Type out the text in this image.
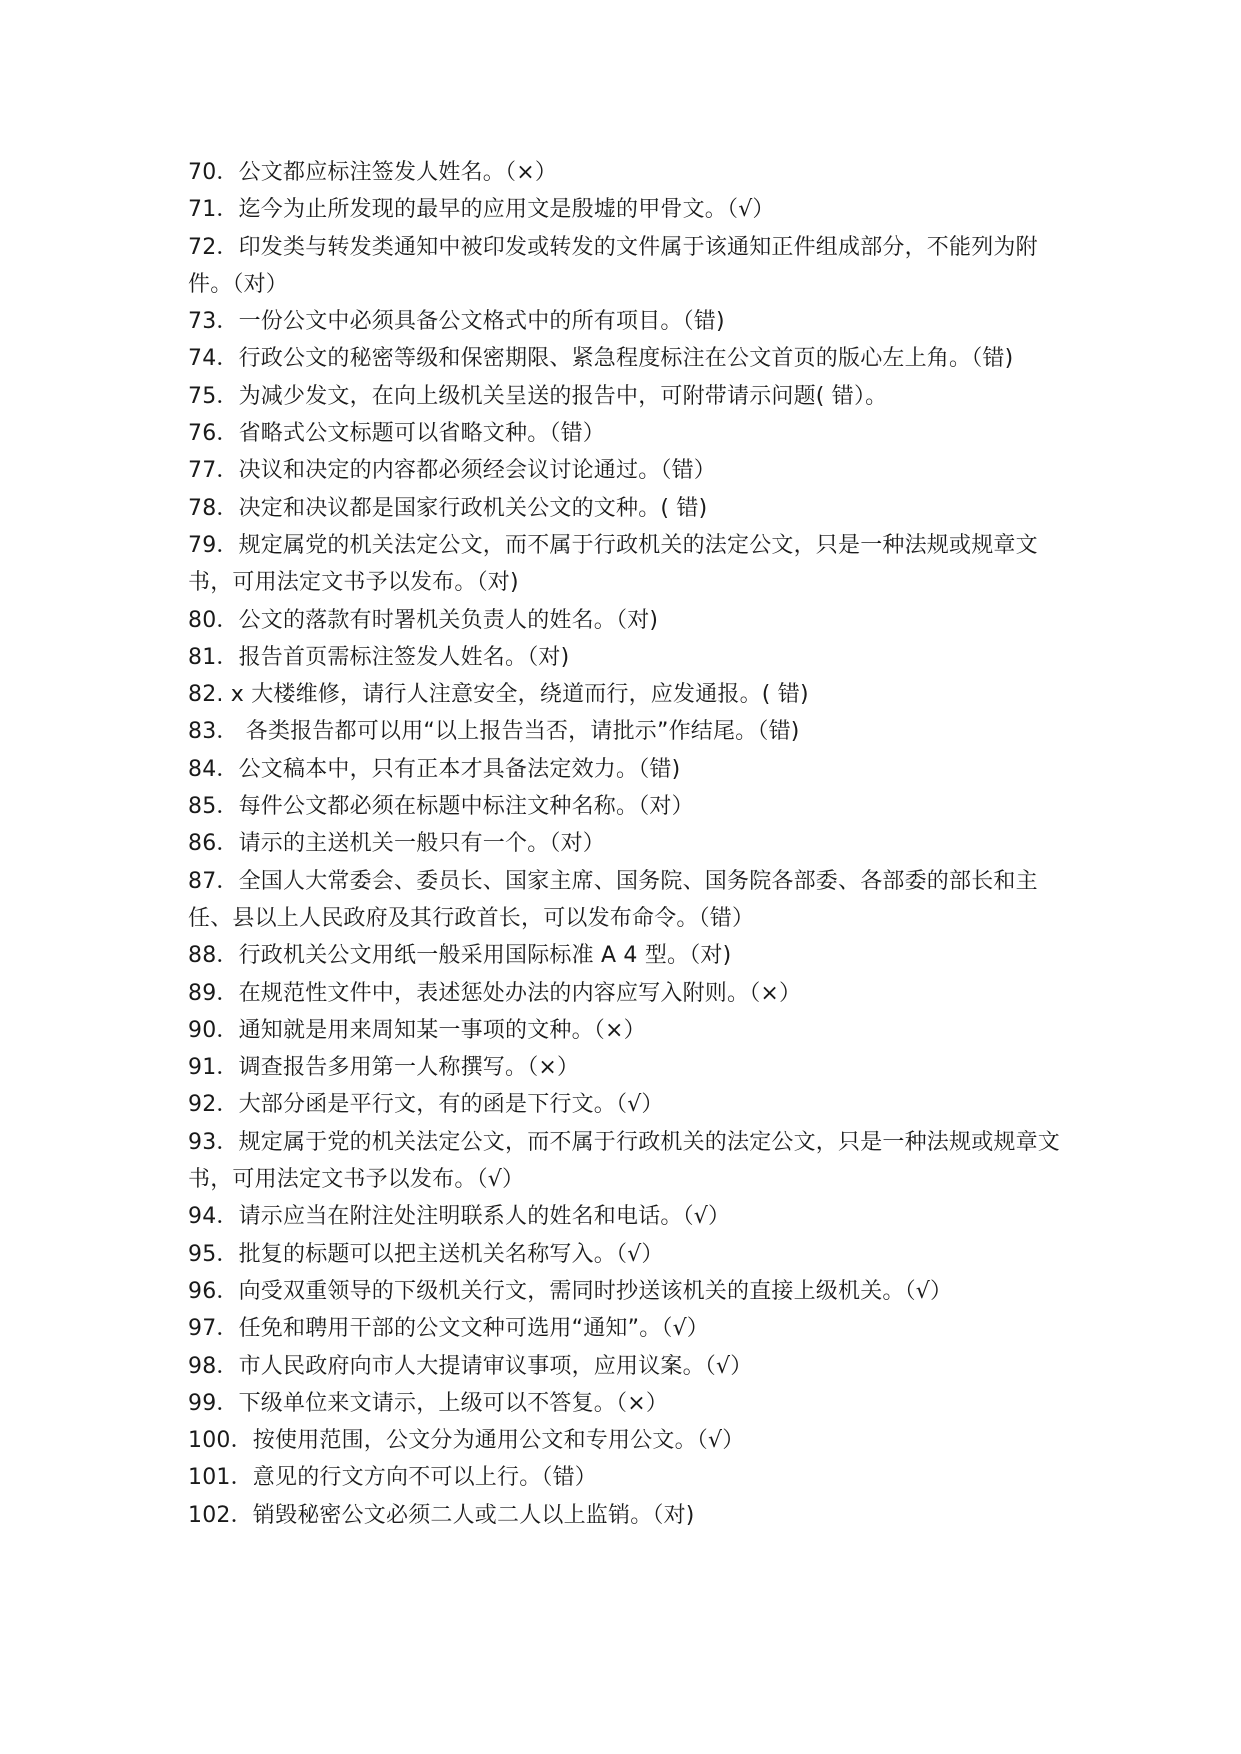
70．公文都应标注签发人姓名。（×）
71．迄今为止所发现的最早的应用文是殷墟的甲骨文。（√）
72．印发类与转发类通知中被印发或转发的文件属于该通知正件组成部分，不能列为附件。（对）
73．一份公文中必须具备公文格式中的所有项目。（错)
74．行政公文的秘密等级和保密期限、紧急程度标注在公文首页的版心左上角。（错)
75．为减少发文，在向上级机关呈送的报告中，可附带请示问题( 错）。
76．省略式公文标题可以省略文种。（错）
77．决议和决定的内容都必须经会议讨论通过。（错）
78．决定和决议都是国家行政机关公文的文种。( 错)
79．规定属党的机关法定公文，而不属于行政机关的法定公文，只是一种法规或规章文书，可用法定文书予以发布。（对)
80．公文的落款有时署机关负责人的姓名。（对)
81．报告首页需标注签发人姓名。（对)
82. x 大楼维修，请行人注意安全，绕道而行，应发通报。( 错)
83． 各类报告都可以用“以上报告当否，请批示”作结尾。（错)
84．公文稿本中，只有正本才具备法定效力。（错)
85．每件公文都必须在标题中标注文种名称。（对）
86．请示的主送机关一般只有一个。（对）
87．全国人大常委会、委员长、国家主席、国务院、国务院各部委、各部委的部长和主任、县以上人民政府及其行政首长，可以发布命令。（错）
88．行政机关公文用纸一般采用国际标准 A 4 型。（对)
89．在规范性文件中，表述惩处办法的内容应写入附则。（×）
90．通知就是用来周知某一事项的文种。（×）
91．调查报告多用第一人称撰写。（×）
92．大部分函是平行文，有的函是下行文。（√）
93．规定属于党的机关法定公文，而不属于行政机关的法定公文，只是一种法规或规章文书，可用法定文书予以发布。（√）
94．请示应当在附注处注明联系人的姓名和电话。（√）
95．批复的标题可以把主送机关名称写入。（√）
96．向受双重领导的下级机关行文，需同时抄送该机关的直接上级机关。（√）
97．任免和聘用干部的公文文种可选用“通知”。（√）
98．市人民政府向市人大提请审议事项，应用议案。（√）
99．下级单位来文请示，上级可以不答复。（×）
100．按使用范围，公文分为通用公文和专用公文。（√）
101．意见的行文方向不可以上行。（错）
102．销毁秘密公文必须二人或二人以上监销。（对)
